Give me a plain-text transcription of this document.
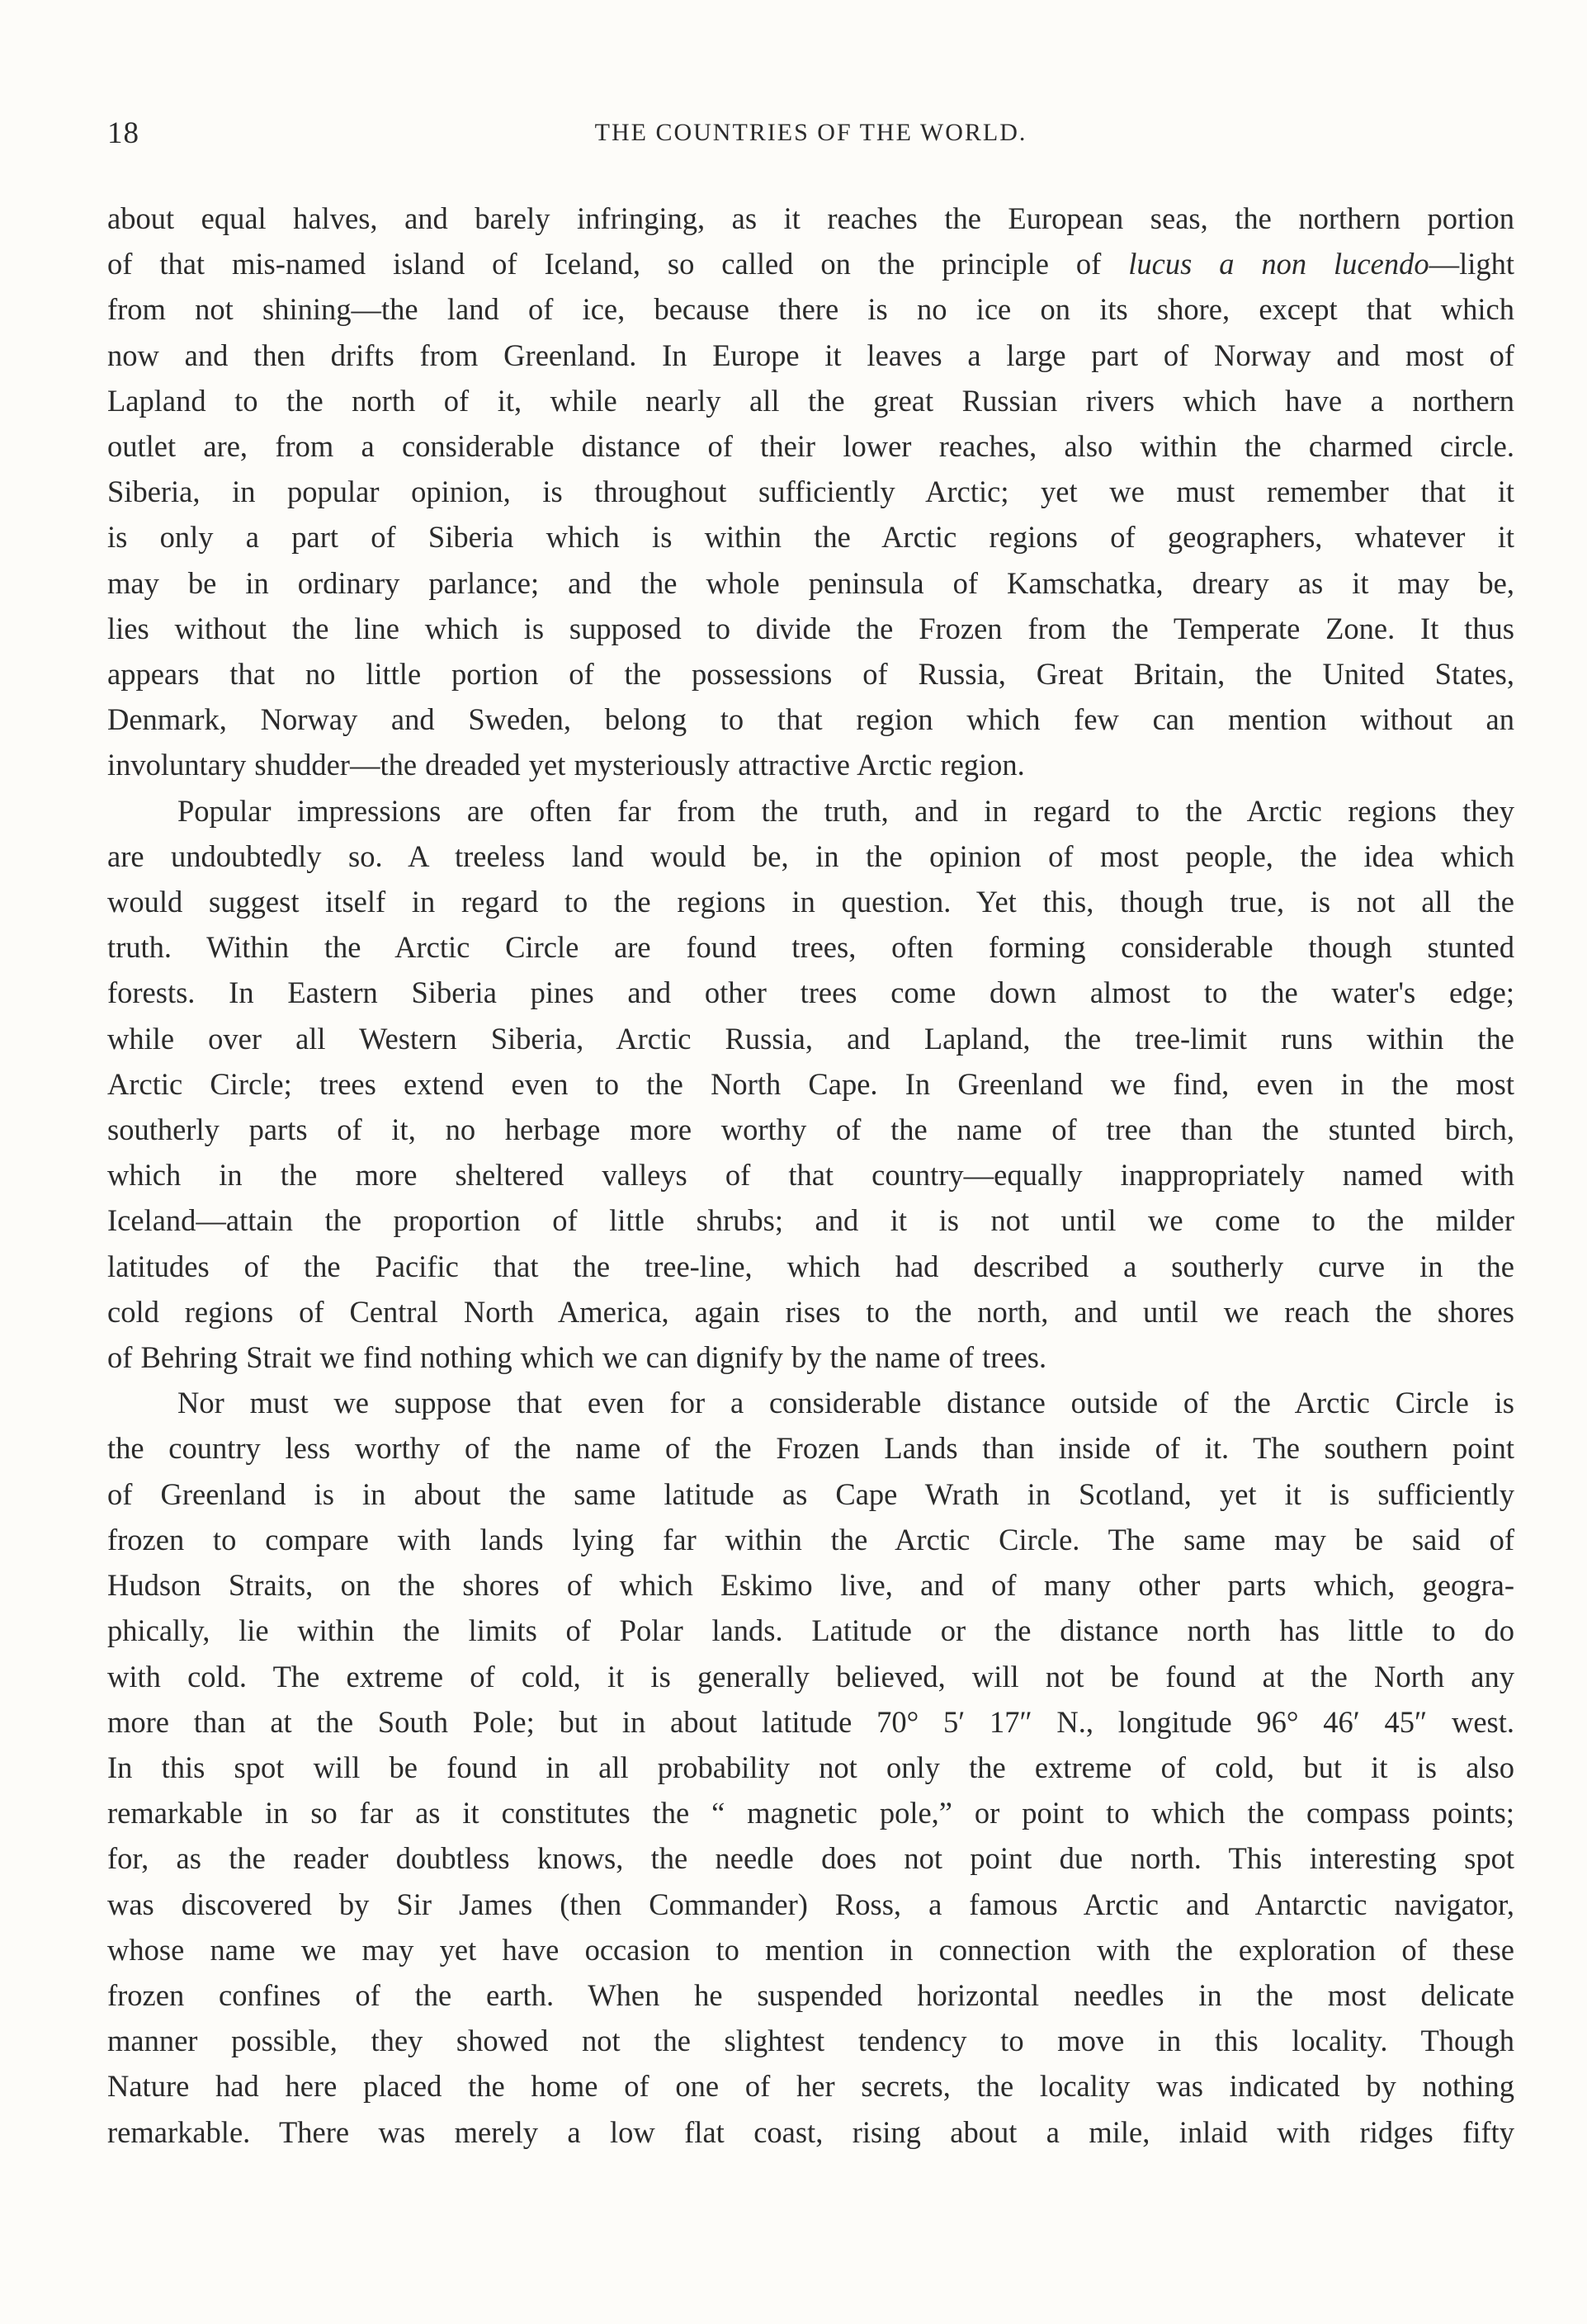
18	THE COUNTRIES OF THE WORLD.
about equal halves, and barely infringing, as it reaches the European seas, the northern portion
of that mis-named island of Iceland, so called on the principle of lucus a non lucendo—light
from not shining—the land of ice, because there is no ice on its shore, except that which
now and then drifts from Greenland. In Europe it leaves a large part of Norway and most of
Lapland to the north of it, while nearly all the great Russian rivers which have a northern
outlet are, from a considerable distance of their lower reaches, also within the charmed circle.
Siberia, in popular opinion, is throughout sufficiently Arctic; yet we must remember that it
is only a part of Siberia which is within the Arctic regions of geographers, whatever it
may be in ordinary parlance; and the whole peninsula of Kamschatka, dreary as it may be,
lies without the line which is supposed to divide the Frozen from the Temperate Zone. It thus
appears that no little portion of the possessions of Russia, Great Britain, the United States,
Denmark, Norway and Sweden, belong to that region which few can mention without an
involuntary shudder—the dreaded yet mysteriously attractive Arctic region.
Popular impressions are often far from the truth, and in regard to the Arctic regions they
are undoubtedly so. A treeless land would be, in the opinion of most people, the idea which
would suggest itself in regard to the regions in question. Yet this, though true, is not all the
truth. Within the Arctic Circle are found trees, often forming considerable though stunted
forests. In Eastern Siberia pines and other trees come down almost to the water's edge;
while over all Western Siberia, Arctic Russia, and Lapland, the tree-limit runs within the
Arctic Circle; trees extend even to the North Cape. In Greenland we find, even in the most
southerly parts of it, no herbage more worthy of the name of tree than the stunted birch,
which in the more sheltered valleys of that country—equally inappropriately named with
Iceland—attain the proportion of little shrubs; and it is not until we come to the milder
latitudes of the Pacific that the tree-line, which had described a southerly curve in the
cold regions of Central North America, again rises to the north, and until we reach the shores
of Behring Strait we find nothing which we can dignify by the name of trees.
Nor must we suppose that even for a considerable distance outside of the Arctic Circle is
the country less worthy of the name of the Frozen Lands than inside of it. The southern point
of Greenland is in about the same latitude as Cape Wrath in Scotland, yet it is sufficiently
frozen to compare with lands lying far within the Arctic Circle. The same may be said of
Hudson Straits, on the shores of which Eskimo live, and of many other parts which, geogra-
phically, lie within the limits of Polar lands. Latitude or the distance north has little to do
with cold. The extreme of cold, it is generally believed, will not be found at the North any
more than at the South Pole; but in about latitude 70° 5′ 17″ N., longitude 96° 46′ 45″ west.
In this spot will be found in all probability not only the extreme of cold, but it is also
remarkable in so far as it constitutes the “ magnetic pole,” or point to which the compass points;
for, as the reader doubtless knows, the needle does not point due north. This interesting spot
was discovered by Sir James (then Commander) Ross, a famous Arctic and Antarctic navigator,
whose name we may yet have occasion to mention in connection with the exploration of these
frozen confines of the earth. When he suspended horizontal needles in the most delicate
manner possible, they showed not the slightest tendency to move in this locality. Though
Nature had here placed the home of one of her secrets, the locality was indicated by nothing
remarkable. There was merely a low flat coast, rising about a mile, inlaid with ridges fifty
